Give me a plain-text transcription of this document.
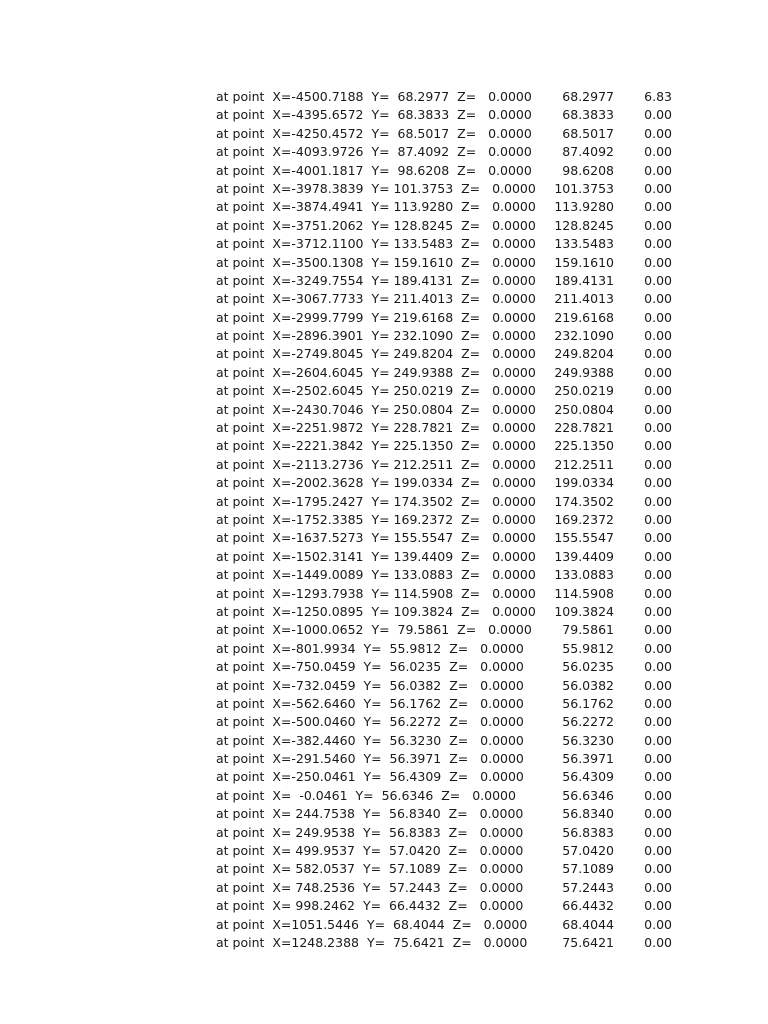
at point  X=-4500.7188  Y=  68.2977  Z=   0.0000	68.2977	6.83
at point  X=-4395.6572  Y=  68.3833  Z=   0.0000	68.3833	0.00
at point  X=-4250.4572  Y=  68.5017  Z=   0.0000	68.5017	0.00
at point  X=-4093.9726  Y=  87.4092  Z=   0.0000	87.4092	0.00
at point  X=-4001.1817  Y=  98.6208  Z=   0.0000	98.6208	0.00
at point  X=-3978.3839  Y= 101.3753  Z=   0.0000	101.3753	0.00
at point  X=-3874.4941  Y= 113.9280  Z=   0.0000	113.9280	0.00
at point  X=-3751.2062  Y= 128.8245  Z=   0.0000	128.8245	0.00
at point  X=-3712.1100  Y= 133.5483  Z=   0.0000	133.5483	0.00
at point  X=-3500.1308  Y= 159.1610  Z=   0.0000	159.1610	0.00
at point  X=-3249.7554  Y= 189.4131  Z=   0.0000	189.4131	0.00
at point  X=-3067.7733  Y= 211.4013  Z=   0.0000	211.4013	0.00
at point  X=-2999.7799  Y= 219.6168  Z=   0.0000	219.6168	0.00
at point  X=-2896.3901  Y= 232.1090  Z=   0.0000	232.1090	0.00
at point  X=-2749.8045  Y= 249.8204  Z=   0.0000	249.8204	0.00
at point  X=-2604.6045  Y= 249.9388  Z=   0.0000	249.9388	0.00
at point  X=-2502.6045  Y= 250.0219  Z=   0.0000	250.0219	0.00
at point  X=-2430.7046  Y= 250.0804  Z=   0.0000	250.0804	0.00
at point  X=-2251.9872  Y= 228.7821  Z=   0.0000	228.7821	0.00
at point  X=-2221.3842  Y= 225.1350  Z=   0.0000	225.1350	0.00
at point  X=-2113.2736  Y= 212.2511  Z=   0.0000	212.2511	0.00
at point  X=-2002.3628  Y= 199.0334  Z=   0.0000	199.0334	0.00
at point  X=-1795.2427  Y= 174.3502  Z=   0.0000	174.3502	0.00
at point  X=-1752.3385  Y= 169.2372  Z=   0.0000	169.2372	0.00
at point  X=-1637.5273  Y= 155.5547  Z=   0.0000	155.5547	0.00
at point  X=-1502.3141  Y= 139.4409  Z=   0.0000	139.4409	0.00
at point  X=-1449.0089  Y= 133.0883  Z=   0.0000	133.0883	0.00
at point  X=-1293.7938  Y= 114.5908  Z=   0.0000	114.5908	0.00
at point  X=-1250.0895  Y= 109.3824  Z=   0.0000	109.3824	0.00
at point  X=-1000.0652  Y=  79.5861  Z=   0.0000	79.5861	0.00
at point  X=-801.9934  Y=  55.9812  Z=   0.0000	55.9812	0.00
at point  X=-750.0459  Y=  56.0235  Z=   0.0000	56.0235	0.00
at point  X=-732.0459  Y=  56.0382  Z=   0.0000	56.0382	0.00
at point  X=-562.6460  Y=  56.1762  Z=   0.0000	56.1762	0.00
at point  X=-500.0460  Y=  56.2272  Z=   0.0000	56.2272	0.00
at point  X=-382.4460  Y=  56.3230  Z=   0.0000	56.3230	0.00
at point  X=-291.5460  Y=  56.3971  Z=   0.0000	56.3971	0.00
at point  X=-250.0461  Y=  56.4309  Z=   0.0000	56.4309	0.00
at point  X=  -0.0461  Y=  56.6346  Z=   0.0000	56.6346	0.00
at point  X= 244.7538  Y=  56.8340  Z=   0.0000	56.8340	0.00
at point  X= 249.9538  Y=  56.8383  Z=   0.0000	56.8383	0.00
at point  X= 499.9537  Y=  57.0420  Z=   0.0000	57.0420	0.00
at point  X= 582.0537  Y=  57.1089  Z=   0.0000	57.1089	0.00
at point  X= 748.2536  Y=  57.2443  Z=   0.0000	57.2443	0.00
at point  X= 998.2462  Y=  66.4432  Z=   0.0000	66.4432	0.00
at point  X=1051.5446  Y=  68.4044  Z=   0.0000	68.4044	0.00
at point  X=1248.2388  Y=  75.6421  Z=   0.0000	75.6421	0.00
